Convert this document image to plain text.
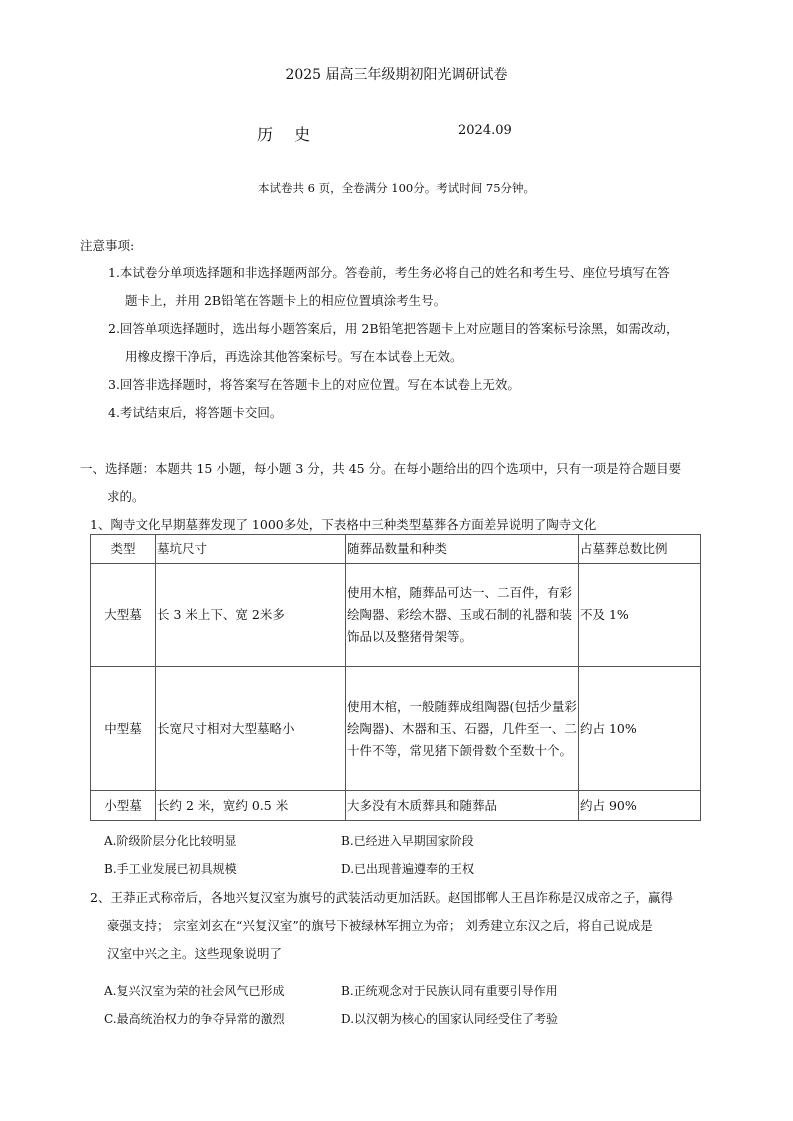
2025 届高三年级期初阳光调研试卷
历 史	2024.09
本试卷共 6 页，全卷满分 100分。考试时间 75分钟。
注意事项:
1.本试卷分单项选择题和非选择题两部分。答卷前，考生务必将自己的姓名和考生号、座位号填写在答
题卡上，并用 2B铅笔在答题卡上的相应位置填涂考生号。
2.回答单项选择题时，选出每小题答案后，用 2B铅笔把答题卡上对应题目的答案标号涂黑，如需改动，
用橡皮擦干净后，再选涂其他答案标号。写在本试卷上无效。
3.回答非选择题时，将答案写在答题卡上的对应位置。写在本试卷上无效。
4.考试结束后，将答题卡交回。
一、选择题：本题共 15 小题，每小题 3 分，共 45 分。在每小题给出的四个选项中，只有一项是符合题目要
求的。
1、陶寺文化早期墓葬发现了 1000多处，下表格中三种类型墓葬各方面差异说明了陶寺文化
类型	墓坑尺寸	随葬品数量和种类	占墓葬总数比例
大型墓	长 3 米上下、宽 2米多	使用木棺，随葬品可达一、二百件，有彩绘陶器、彩绘木器、玉或石制的礼器和装饰品以及整猪骨架等。	不及 1%
中型墓	长宽尺寸相对大型墓略小	使用木棺，一般随葬成组陶器(包括少量彩绘陶器)、木器和玉、石器，几件至一、二十件不等，常见猪下颌骨数个至数十个。	约占 10%
小型墓	长约 2 米，宽约 0.5 米	大多没有木质葬具和随葬品	约占 90%
A.阶级阶层分化比较明显	B.已经进入早期国家阶段
B.手工业发展已初具规模	D.已出现普遍遵奉的王权
2、王莽正式称帝后，各地兴复汉室为旗号的武装活动更加活跃。赵国邯郸人王昌诈称是汉成帝之子，赢得
豪强支持； 宗室刘玄在“兴复汉室”的旗号下被绿林军拥立为帝； 刘秀建立东汉之后，将自己说成是
汉室中兴之主。这些现象说明了
A.复兴汉室为荣的社会风气已形成	B.正统观念对于民族认同有重要引导作用
C.最高统治权力的争夺异常的激烈	D.以汉朝为核心的国家认同经受住了考验
